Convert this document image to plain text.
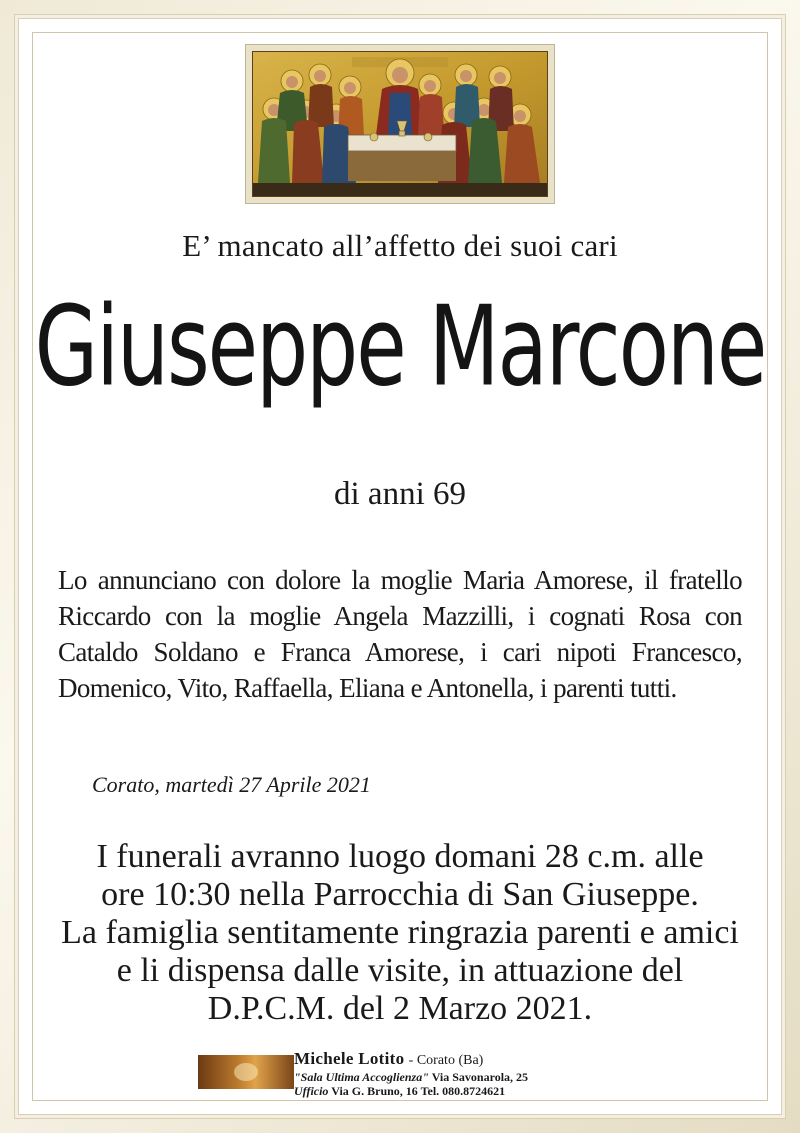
E’ mancato all’affetto dei suoi cari
Giuseppe Marcone
di anni 69
Lo annunciano con dolore la moglie Maria Amorese, il fratello Riccardo con la moglie Angela Mazzilli, i cognati Rosa con Cataldo Soldano e Franca Amorese, i cari nipoti Francesco, Domenico, Vito, Raffaella, Eliana e Antonella, i parenti tutti.
Corato, martedì 27 Aprile 2021
I funerali avranno luogo domani 28 c.m. alle
ore 10:30 nella Parrocchia di San Giuseppe.
La famiglia sentitamente ringrazia parenti e amici
e li dispensa dalle visite, in attuazione del
D.P.C.M. del 2 Marzo 2021.
Michele Lotito - Corato (Ba)
"Sala Ultima Accoglienza" Via Savonarola, 25
Ufficio Via G. Bruno, 16 Tel. 080.8724621
